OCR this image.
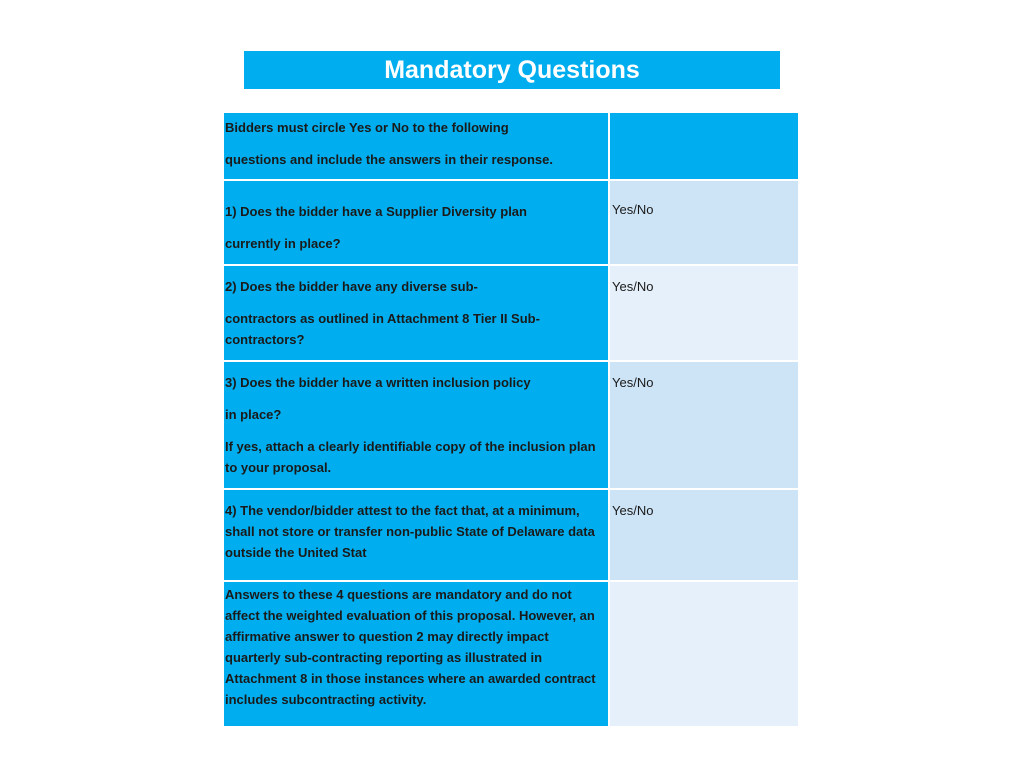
Mandatory Questions
Bidders must circle Yes or No to the following
questions and include the answers in their response.	

1) Does the bidder have a Supplier Diversity plan
currently in place?	Yes/No

2) Does the bidder have any diverse sub-
contractors as outlined in Attachment 8 Tier II Sub-contractors?	Yes/No

3) Does the bidder have a written inclusion policy
in place?
If yes, attach a clearly identifiable copy of the inclusion plan to your proposal.	Yes/No

4) The vendor/bidder attest to the fact that, at a minimum, shall not store or transfer non-public State of Delaware data outside the United Stat	Yes/No

Answers to these 4 questions are mandatory and do not affect the weighted evaluation of this proposal. However, an affirmative answer to question 2 may directly impact quarterly sub-contracting reporting as illustrated in Attachment 8 in those instances where an awarded contract includes subcontracting activity.	
